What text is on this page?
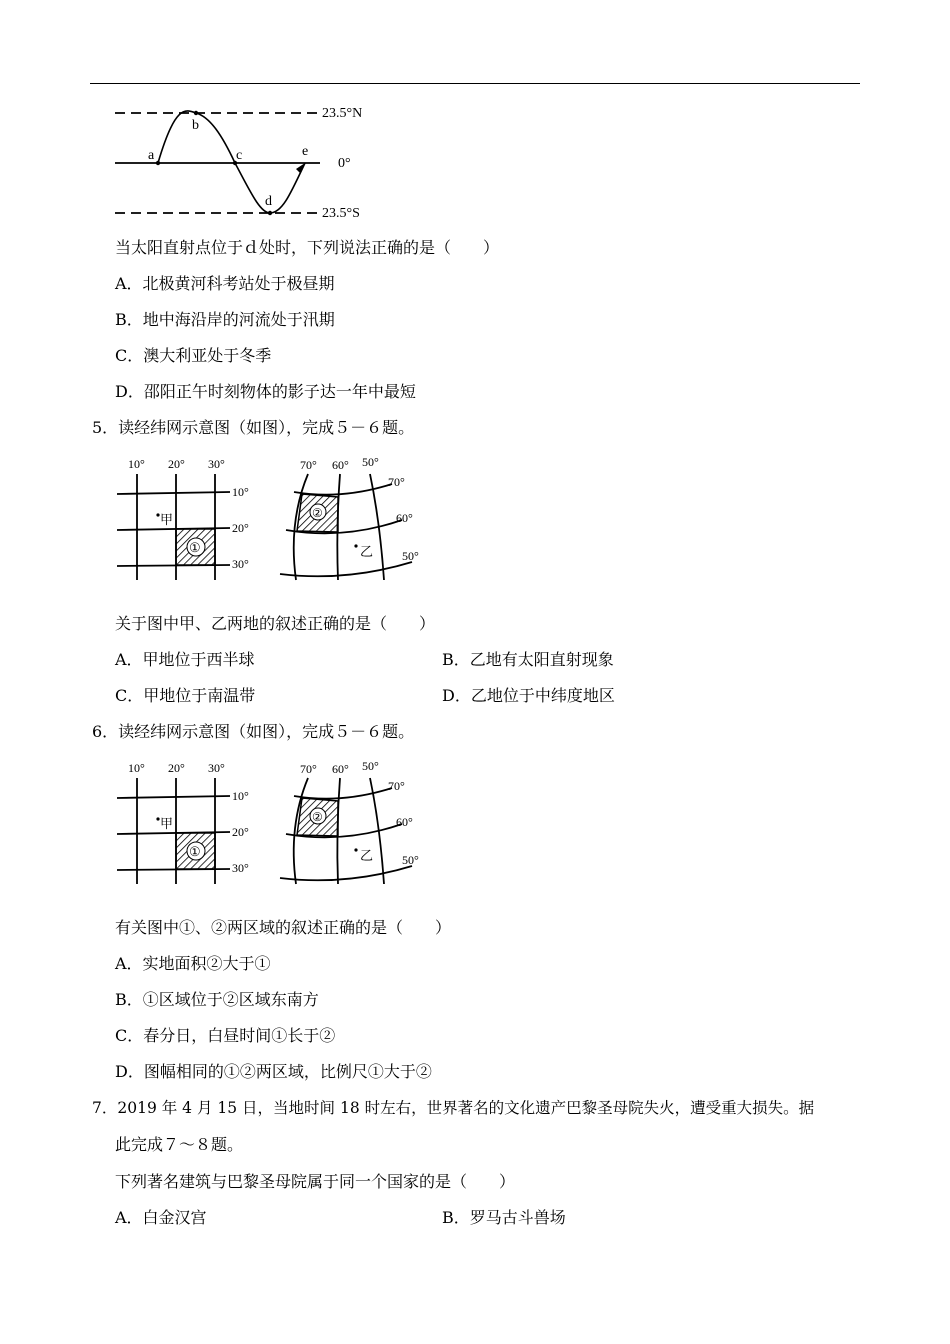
a
b
c
d
e
23.5°N
0°
23.5°S
当太阳直射点位于ｄ处时，下列说法正确的是（　　）
A．北极黄河科考站处于极昼期
B．地中海沿岸的河流处于汛期
C．澳大利亚处于冬季
D．邵阳正午时刻物体的影子达一年中最短
5．读经纬网示意图（如图），完成５－６题。
①
10° 20° 30°
10°
20°
30°
甲	②
70° 60° 50°
70°
60°
50°
乙
关于图中甲、乙两地的叙述正确的是（　　）
A．甲地位于西半球	B．乙地有太阳直射现象
C．甲地位于南温带	D．乙地位于中纬度地区
6．读经纬网示意图（如图），完成５－６题。
①
10° 20° 30°
10°
20°
30°
甲	②
70° 60° 50°
70°
60°
50°
乙
有关图中①、②两区域的叙述正确的是（　　）
A．实地面积②大于①
B．①区域位于②区域东南方
C．春分日，白昼时间①长于②
D．图幅相同的①②两区域，比例尺①大于②
7．2019 年 4 月 15 日，当地时间 18 时左右，世界著名的文化遗产巴黎圣母院失火，遭受重大损失。据
此完成７～８题。
下列著名建筑与巴黎圣母院属于同一个国家的是（　　）
A．白金汉宫	B．罗马古斗兽场
